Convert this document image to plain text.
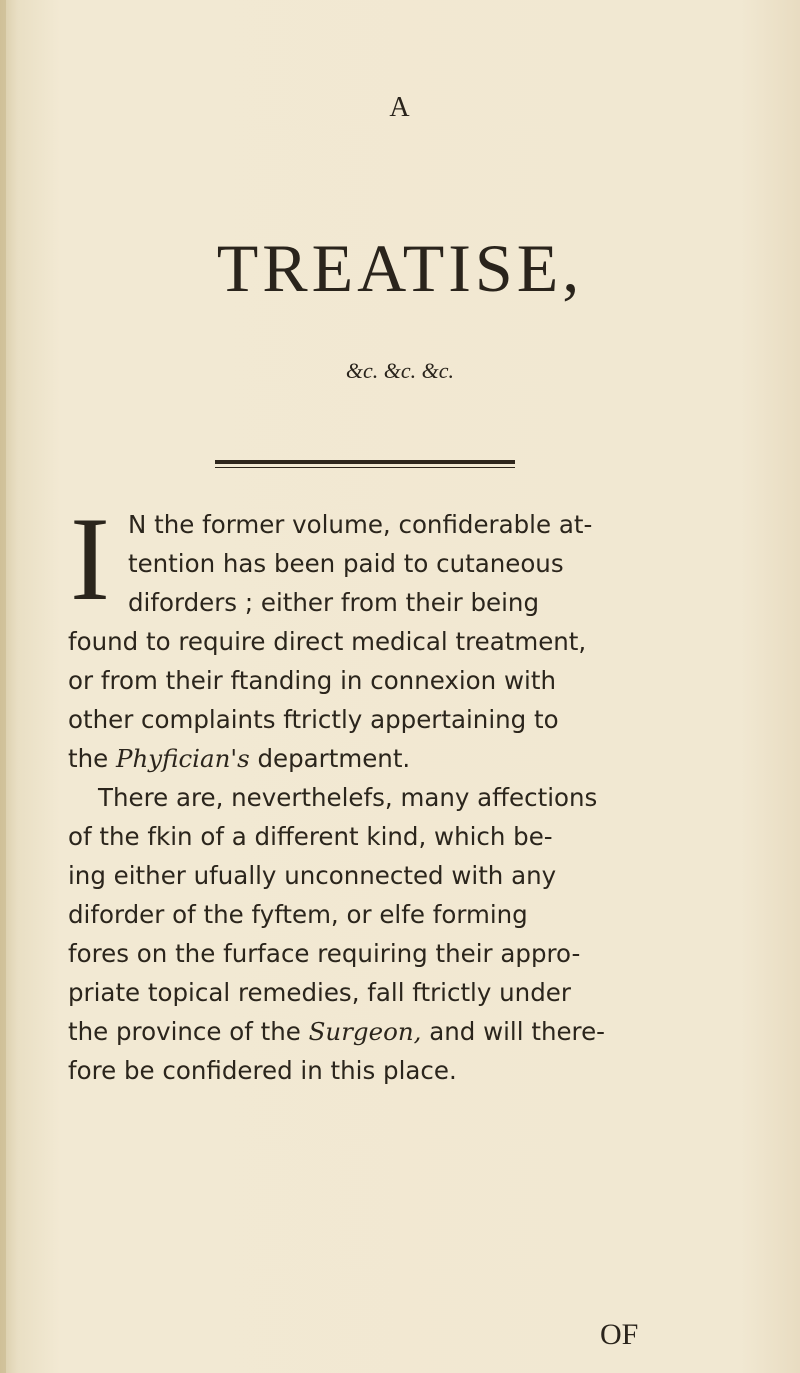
A
TREATISE,
&c. &c. &c.

I N the former volume, confiderable at-
tention has been paid to cutaneous
diforders ; either from their being
found to require direct medical treatment,
or from their ftanding in connexion with
other complaints ftrictly appertaining to
the Phyfician's department.

There are, neverthelefs, many affections
of the fkin of a different kind, which be-
ing either ufually unconnected with any
diforder of the fyftem, or elfe forming
fores on the furface requiring their appro-
priate topical remedies, fall ftrictly under
the province of the Surgeon, and will there-
fore be confidered in this place.

OF
